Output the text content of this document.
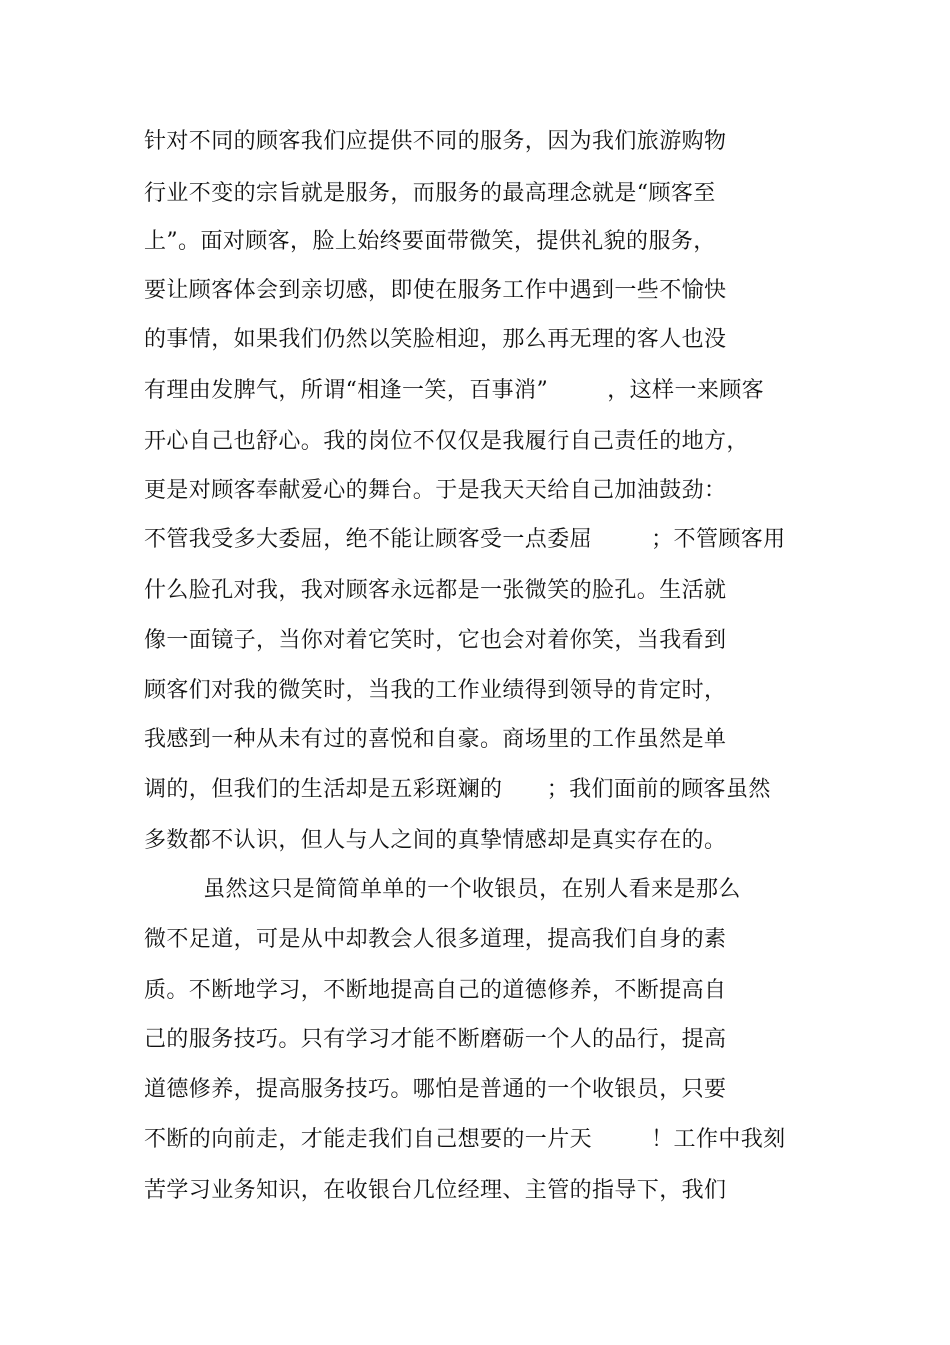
针对不同的顾客我们应提供不同的服务，因为我们旅游购物

行业不变的宗旨就是服务，而服务的最高理念就是“顾客至

上”。面对顾客，脸上始终要面带微笑，提供礼貌的服务，

要让顾客体会到亲切感，即使在服务工作中遇到一些不愉快

的事情，如果我们仍然以笑脸相迎，那么再无理的客人也没

有理由发脾气，所谓“相逢一笑，百事消”        ，这样一来顾客

开心自己也舒心。我的岗位不仅仅是我履行自己责任的地方，

更是对顾客奉献爱心的舞台。于是我天天给自己加油鼓劲：

不管我受多大委屈，绝不能让顾客受一点委屈        ；不管顾客用

什么脸孔对我，我对顾客永远都是一张微笑的脸孔。生活就

像一面镜子，当你对着它笑时，它也会对着你笑，当我看到

顾客们对我的微笑时，当我的工作业绩得到领导的肯定时，

我感到一种从未有过的喜悦和自豪。商场里的工作虽然是单

调的，但我们的生活却是五彩斑斓的      ；我们面前的顾客虽然

多数都不认识，但人与人之间的真挚情感却是真实存在的。

虽然这只是简简单单的一个收银员，在别人看来是那么

微不足道，可是从中却教会人很多道理，提高我们自身的素

质。不断地学习，不断地提高自己的道德修养，不断提高自

己的服务技巧。只有学习才能不断磨砺一个人的品行，提高

道德修养，提高服务技巧。哪怕是普通的一个收银员，只要

不断的向前走，才能走我们自己想要的一片天        ！工作中我刻

苦学习业务知识，在收银台几位经理、主管的指导下，我们
